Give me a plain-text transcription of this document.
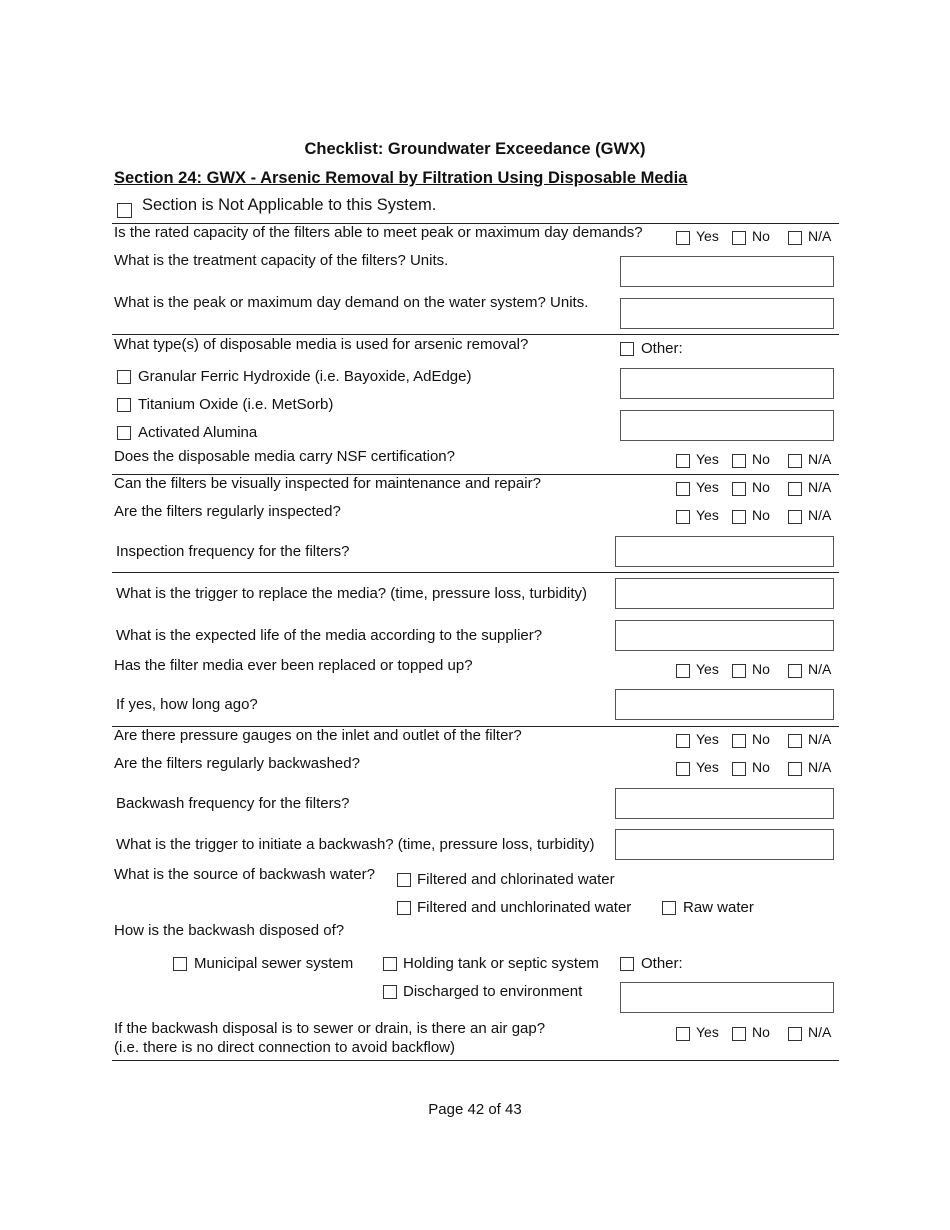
Checklist: Groundwater Exceedance (GWX)
Section 24: GWX - Arsenic Removal by Filtration Using Disposable Media
Section is Not Applicable to this System.
Is the rated capacity of the filters able to meet peak or maximum day demands?	Yes No	N/A
What is the treatment capacity of the filters? Units.
What is the peak or maximum day demand on the water system? Units.
What type(s) of disposable media is used for arsenic removal?	Other:
Granular Ferric Hydroxide (i.e. Bayoxide, AdEdge)
Titanium Oxide (i.e. MetSorb)
Activated Alumina
Does the disposable media carry NSF certification?	Yes No	N/A
Can the filters be visually inspected for maintenance and repair?	Yes No	N/A
Are the filters regularly inspected?	Yes No	N/A
Inspection frequency for the filters?
What is the trigger to replace the media? (time, pressure loss, turbidity)
What is the expected life of the media according to the supplier?
Has the filter media ever been replaced or topped up?	Yes No	N/A
If yes, how long ago?
Are there pressure gauges on the inlet and outlet of the filter?	Yes No	N/A
Are the filters regularly backwashed?	Yes No	N/A
Backwash frequency for the filters?
What is the trigger to initiate a backwash? (time, pressure loss, turbidity)
What is the source of backwash water?	Filtered and chlorinated water
Filtered and unchlorinated water	Raw water
How is the backwash disposed of?
Municipal sewer system	Holding tank or septic system	Other:
Discharged to environment
If the backwash disposal is to sewer or drain, is there an air gap?
(i.e. there is no direct connection to avoid backflow)
Yes No	N/A
Page 42 of 43
